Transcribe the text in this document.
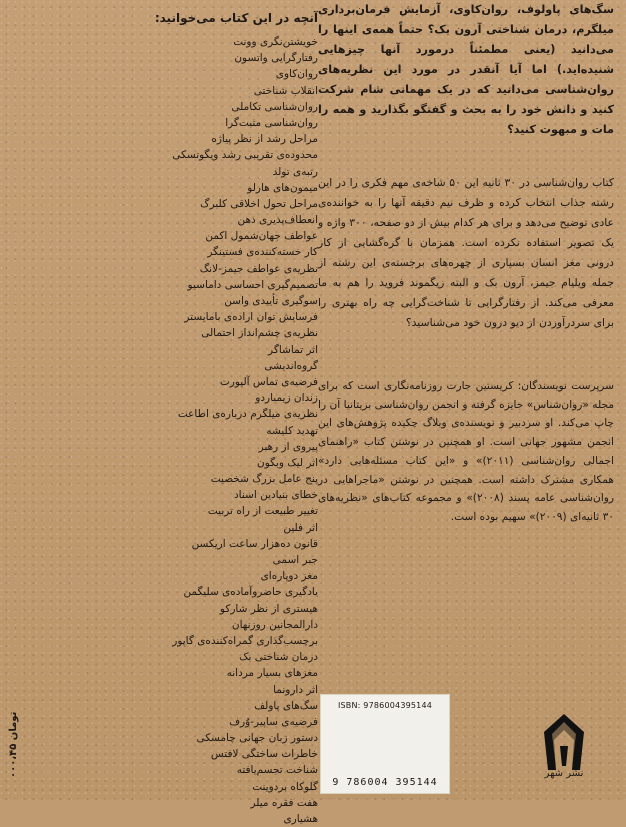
سگ‌های پاولوف، روان‌کاوی، آزمایش فرمان‌برداری میلگرم، درمان شناختی آرون بک؟ حتماً همه‌ی اینها را می‌دانید (یعنی مطمئناً درمورد آنها چیزهایی شنیده‌اید.) اما آیا آنقدر در مورد این نظریه‌های روان‌شناسی می‌دانید که در یک مهمانی شام شرکت کنید و دانش خود را به بحث و گفتگو بگذارید و همه را مات و مبهوت کنید؟

کتاب روان‌شناسی در ۳۰ ثانیه این ۵۰ شاخه‌ی مهم فکری را در این رشته جذاب انتخاب کرده و ظرف نیم دقیقه آنها را به خواننده‌ی عادی توضیح می‌دهد و برای هر کدام بیش از دو صفحه، ۳۰۰ واژه و یک تصویر استفاده نکرده است. همزمان با گره‌گشایی از کار درونی مغز انسان بسیاری از چهره‌های برجسته‌ی این رشته از جمله ویلیام جیمز، آرون بک و البته زیگموند فروید را هم به ما معرفی می‌کند. از رفتارگرایی تا شناخت‌گرایی چه راه بهتری را برای سردرآوردن از دیو درون خود می‌شناسید؟

سرپرست نویسندگان: کریستین جارت روزنامه‌نگاری است که برای مجله «روان‌شناس» جایزه گرفته و انجمن روان‌شناسی بریتانیا آن را چاپ می‌کند. او سردبیر و نویسنده‌ی وبلاگ چکیده پژوهش‌های این انجمن مشهور جهانی است. او همچنین در نوشتن کتاب «راهنمای اجمالی روان‌شناسی (۲۰۱۱)» و «این کتاب مسئله‌هایی دارد» همکاری مشترک داشته است. همچنین در نوشتن «ماجراهایی در روان‌شناسی عامه پسند (۲۰۰۸)» و مجموعه کتاب‌های «نظریه‌های ۳۰ ثانیه‌ای (۲۰۰۹)» سهیم بوده است.

آنچه در این کتاب می‌خوانید:
خویشتن‌نگری وونت
رفتارگرایی واتسون
روان‌کاوی
انقلاب شناختی
روان‌شناسی تکاملی
روان‌شناسی مثبت‌گرا
مراحل رشد از نظر پیاژه
محدوده‌ی تقریبی رشد ویگوتسکی
رتبه‌ی تولد
میمون‌های هارلو
مراحل تحول اخلاقی کلبرگ
انعطاف‌پذیری ذهن
عواطف جهان‌شمول اکمن
کار خسته‌کننده‌ی فستینگر
نظریه‌ی عواطف جیمز-لانگ
تصمیم‌گیری احساسی داماسیو
سوگیری تأییدی واسن
فرسایش توان اراده‌ی بامایستر
نظریه‌ی چشم‌انداز احتمالی
اثر تماشاگر
گروه‌اندیشی
فرضیه‌ی تماس آلپورت
زندان زیمباردو
نظریه‌ی میلگرم درباره‌ی اطاعت
تهدید کلیشه
پیروی از رهبر
اثر لیک وبگون
پنج عامل بزرگ شخصیت
خطای بنیادین اسناد
تغییر طبیعت از راه تربیت
اثر فلین
قانون ده‌هزار ساعت اریکسن
جبر اسمی
مغز دوپاره‌ای
یادگیری حاضروآماده‌ی سلیگمن
هیستری از نظر شارکو
دارالمجانین روزنهان
برچسب‌گذاری گمراه‌کننده‌ی گاپور
درمان شناختی بک
مغزهای بسیار مردانه
اثر دارونما
سگ‌های پاولف
فرضیه‌ی ساپیر-وُرف
دستور زبان جهانی چامسکی
خاطرات ساختگی لافتس
شناخت تجسم‌یافته
گلوکاه بردوینت
هفت فقره میلر
هشیاری
ISBN: 9786004395144
9 786004 395144
نشر شهر
۰۰۰،۴۵ تومان
